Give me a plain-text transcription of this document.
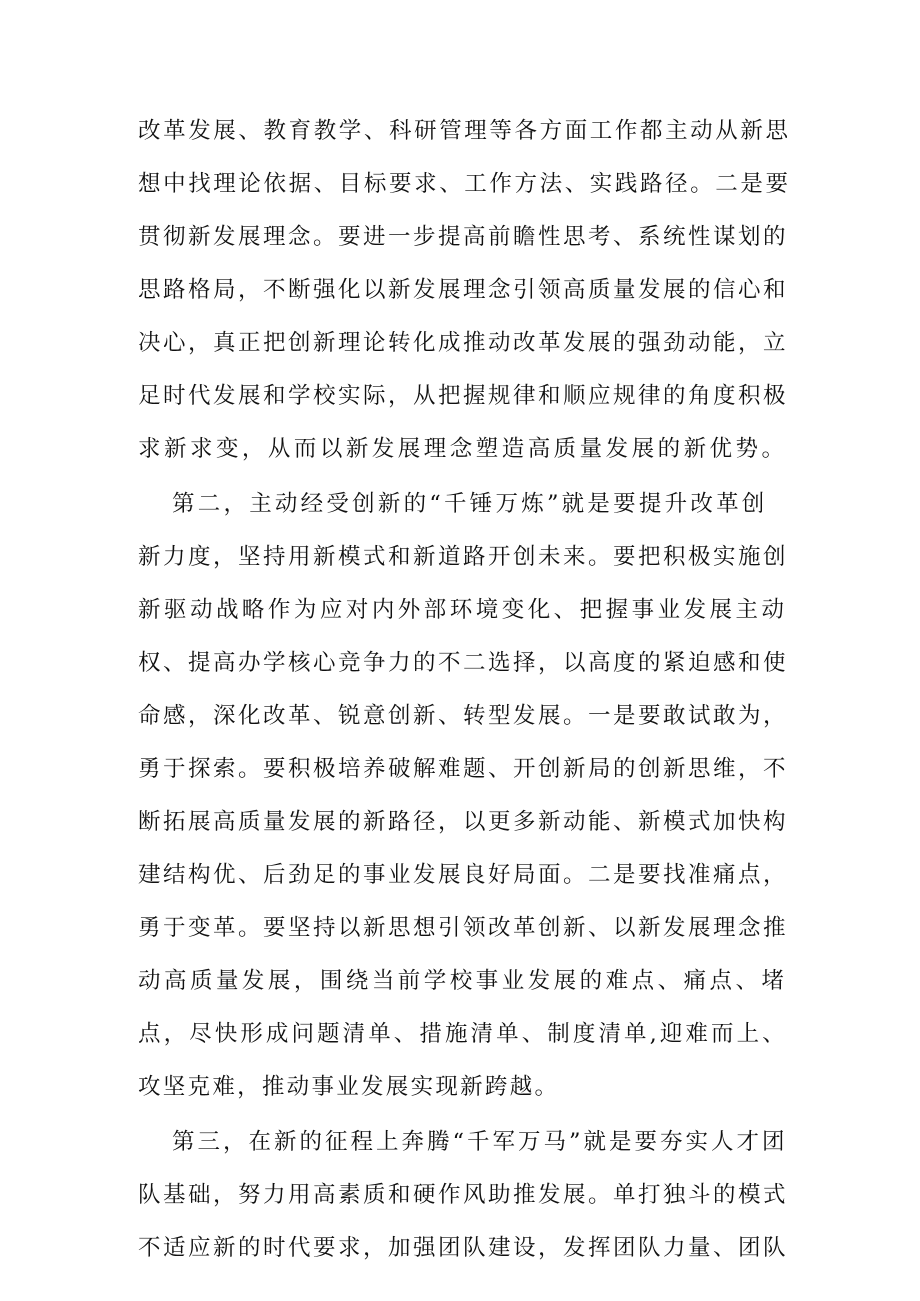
改革发展、教育教学、科研管理等各方面工作都主动从新思
想中找理论依据、目标要求、工作方法、实践路径。二是要
贯彻新发展理念。要进一步提高前瞻性思考、系统性谋划的
思路格局，不断强化以新发展理念引领高质量发展的信心和
决心，真正把创新理论转化成推动改革发展的强劲动能，立
足时代发展和学校实际，从把握规律和顺应规律的角度积极
求新求变，从而以新发展理念塑造高质量发展的新优势。
第二，主动经受创新的“千锤万炼”就是要提升改革创
新力度，坚持用新模式和新道路开创未来。要把积极实施创
新驱动战略作为应对内外部环境变化、把握事业发展主动
权、提高办学核心竞争力的不二选择，以高度的紧迫感和使
命感，深化改革、锐意创新、转型发展。一是要敢试敢为，
勇于探索。要积极培养破解难题、开创新局的创新思维，不
断拓展高质量发展的新路径，以更多新动能、新模式加快构
建结构优、后劲足的事业发展良好局面。二是要找准痛点，
勇于变革。要坚持以新思想引领改革创新、以新发展理念推
动高质量发展，围绕当前学校事业发展的难点、痛点、堵
点，尽快形成问题清单、措施清单、制度清单,迎难而上、
攻坚克难，推动事业发展实现新跨越。
第三，在新的征程上奔腾“千军万马”就是要夯实人才团
队基础，努力用高素质和硬作风助推发展。单打独斗的模式
不适应新的时代要求，加强团队建设，发挥团队力量、团队
